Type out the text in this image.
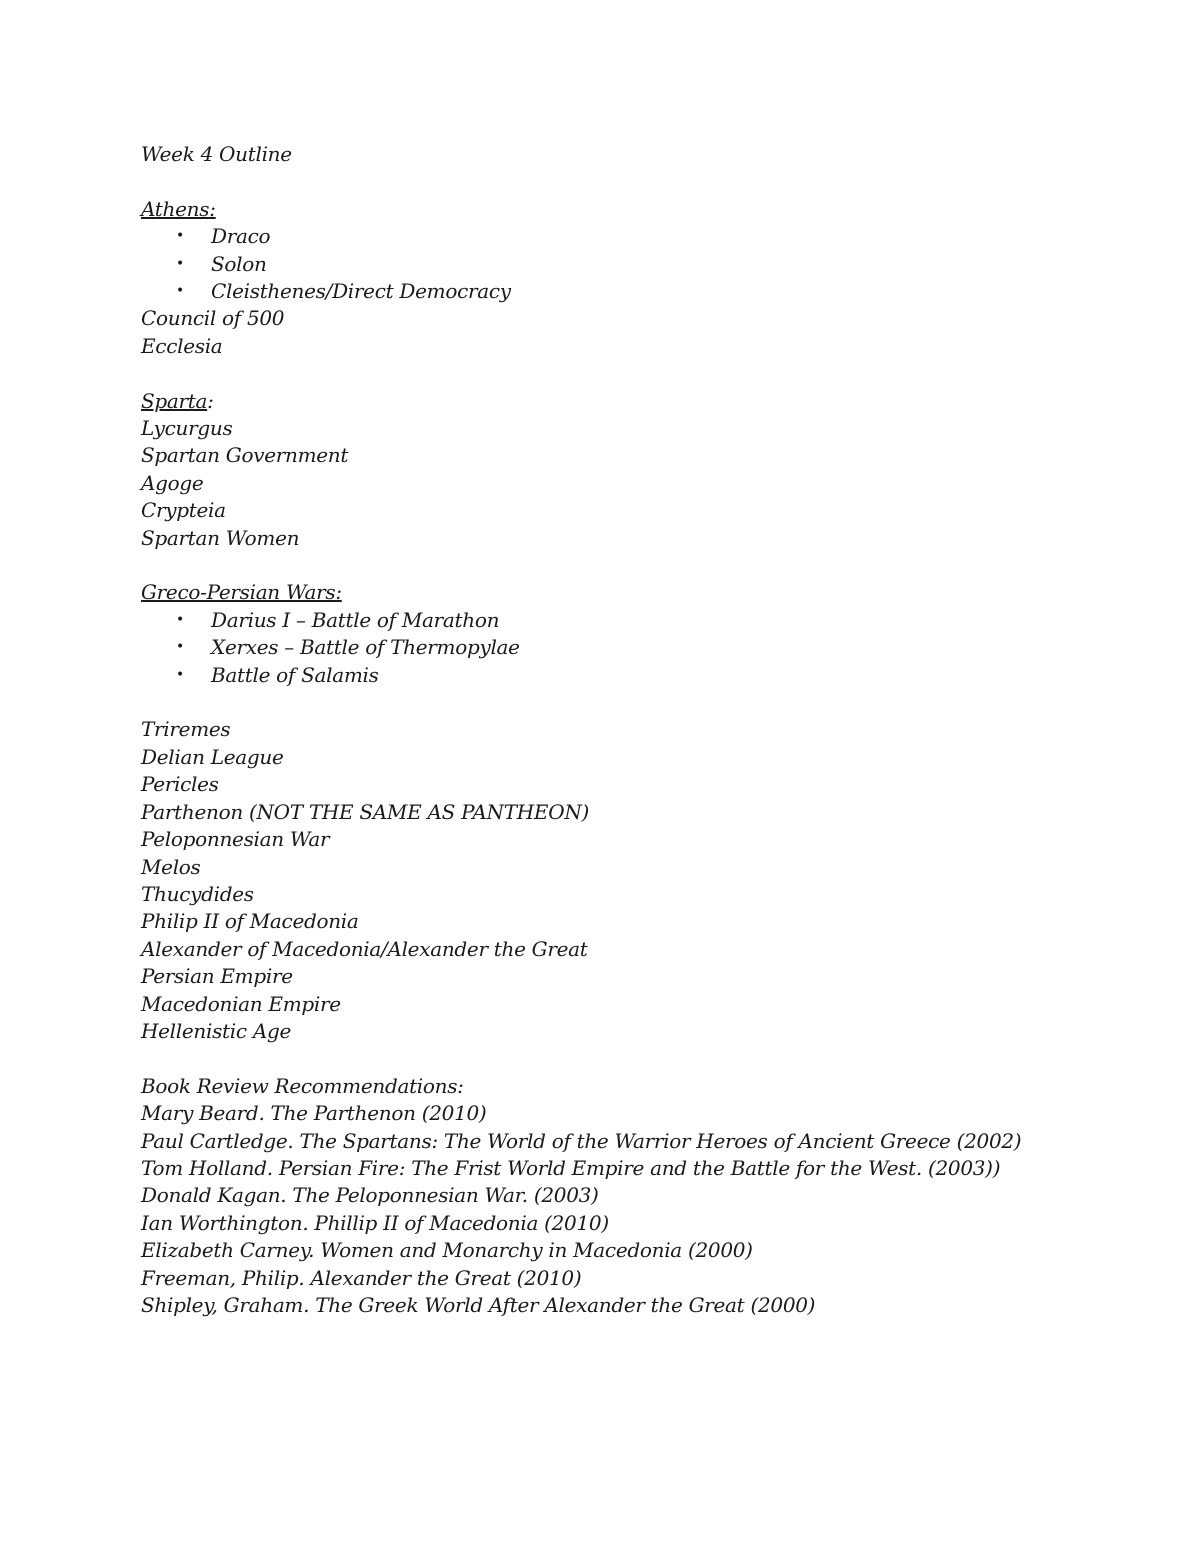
Week 4 Outline
Athens:
• Draco
• Solon
• Cleisthenes/Direct Democracy
Council of 500
Ecclesia
Sparta:
Lycurgus
Spartan Government
Agoge
Crypteia
Spartan Women
Greco-Persian Wars:
• Darius I – Battle of Marathon
• Xerxes – Battle of Thermopylae
• Battle of Salamis
Triremes
Delian League
Pericles
Parthenon (NOT THE SAME AS PANTHEON)
Peloponnesian War
Melos
Thucydides
Philip II of Macedonia
Alexander of Macedonia/Alexander the Great
Persian Empire
Macedonian Empire
Hellenistic Age
Book Review Recommendations:
Mary Beard. The Parthenon (2010)
Paul Cartledge. The Spartans: The World of the Warrior Heroes of Ancient Greece (2002)
Tom Holland. Persian Fire: The Frist World Empire and the Battle for the West. (2003))
Donald Kagan. The Peloponnesian War. (2003)
Ian Worthington. Phillip II of Macedonia (2010)
Elizabeth Carney. Women and Monarchy in Macedonia (2000)
Freeman, Philip. Alexander the Great (2010)
Shipley, Graham. The Greek World After Alexander the Great (2000)
